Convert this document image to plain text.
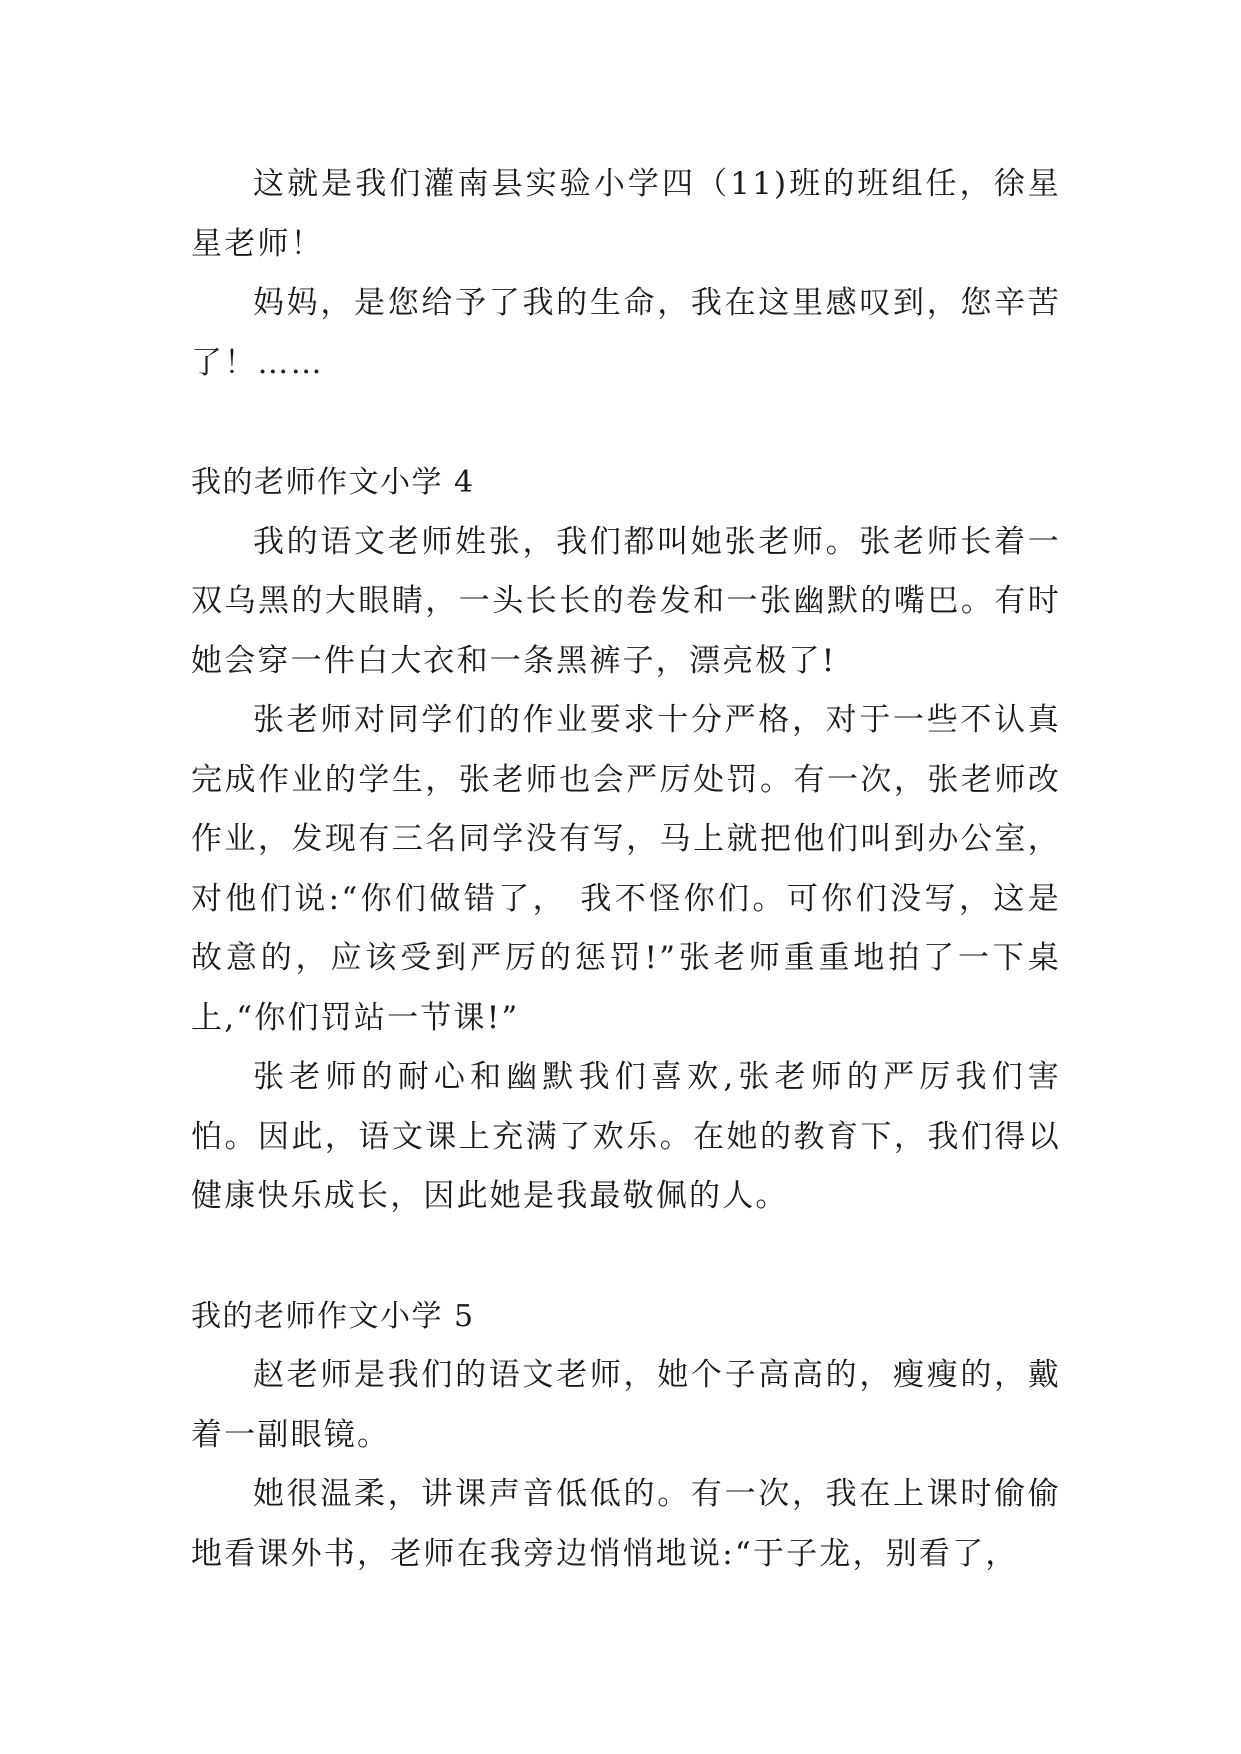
这就是我们灌南县实验小学四（11)班的班组任，徐星星老师！

妈妈，是您给予了我的生命，我在这里感叹到，您辛苦了！……

我的老师作文小学 4

我的语文老师姓张，我们都叫她张老师。张老师长着一双乌黑的大眼睛，一头长长的卷发和一张幽默的嘴巴。有时她会穿一件白大衣和一条黑裤子，漂亮极了!

张老师对同学们的作业要求十分严格，对于一些不认真完成作业的学生，张老师也会严厉处罚。有一次，张老师改作业，发现有三名同学没有写，马上就把他们叫到办公室，对他们说:“你们做错了， 我不怪你们。可你们没写，这是故意的，应该受到严厉的惩罚!”张老师重重地拍了一下桌上,“你们罚站一节课!”

张老师的耐心和幽默我们喜欢,张老师的严厉我们害怕。因此，语文课上充满了欢乐。在她的教育下，我们得以健康快乐成长，因此她是我最敬佩的人。

我的老师作文小学 5

赵老师是我们的语文老师，她个子高高的，瘦瘦的，戴着一副眼镜。

她很温柔，讲课声音低低的。有一次，我在上课时偷偷地看课外书，老师在我旁边悄悄地说:“于子龙，别看了，
